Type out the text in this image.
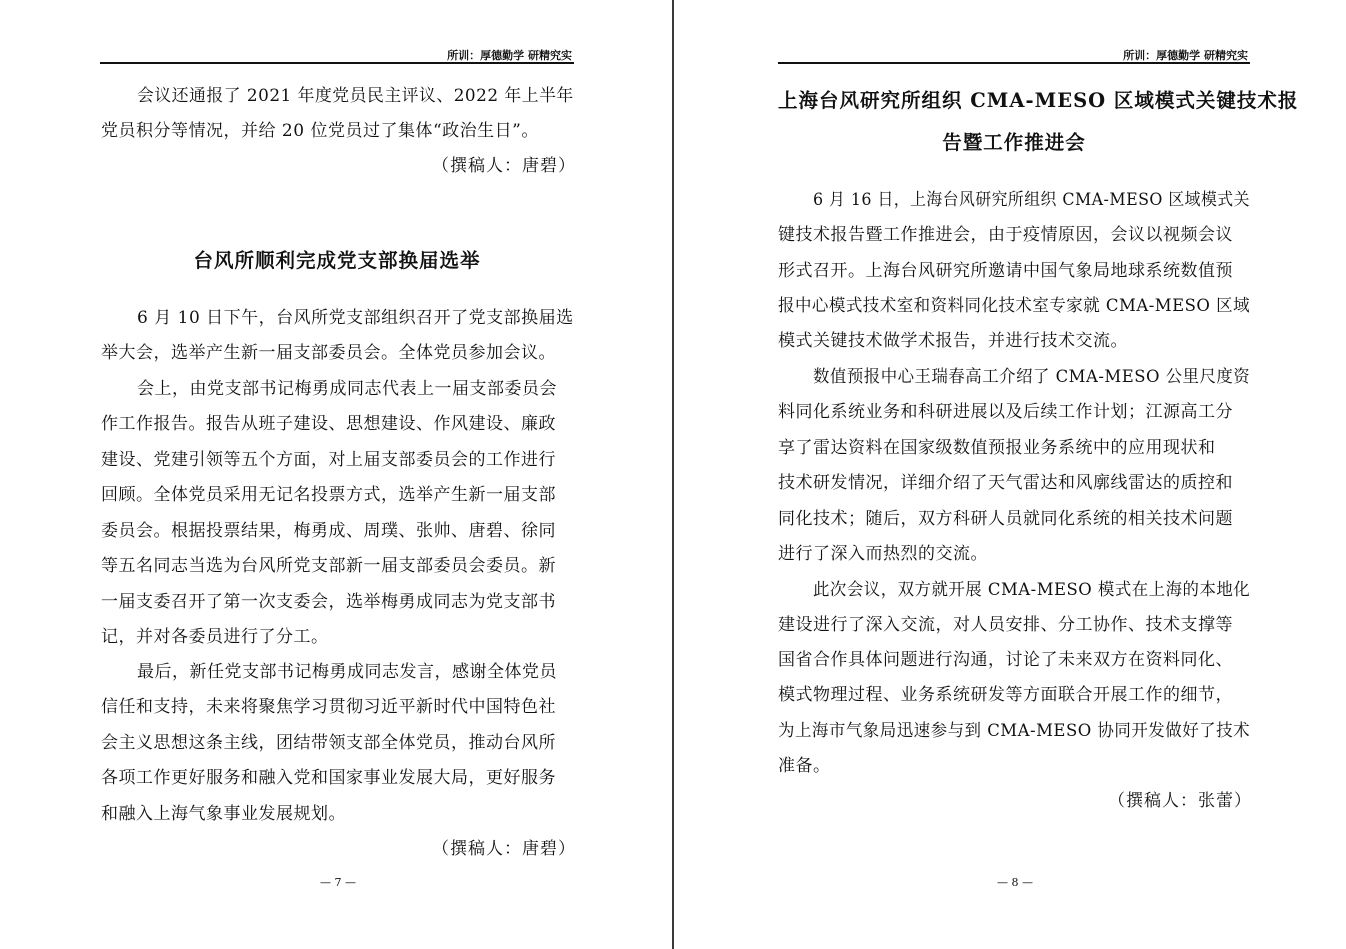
所训：厚德勤学 研精究实
会议还通报了 2021 年度党员民主评议、2022 年上半年
党员积分等情况，并给 20 位党员过了集体“政治生日”。
（撰稿人：唐碧）
台风所顺利完成党支部换届选举
6 月 10 日下午，台风所党支部组织召开了党支部换届选
举大会，选举产生新一届支部委员会。全体党员参加会议。
会上，由党支部书记梅勇成同志代表上一届支部委员会
作工作报告。报告从班子建设、思想建设、作风建设、廉政
建设、党建引领等五个方面，对上届支部委员会的工作进行
回顾。全体党员采用无记名投票方式，选举产生新一届支部
委员会。根据投票结果，梅勇成、周璞、张帅、唐碧、徐同
等五名同志当选为台风所党支部新一届支部委员会委员。新
一届支委召开了第一次支委会，选举梅勇成同志为党支部书
记，并对各委员进行了分工。
最后，新任党支部书记梅勇成同志发言，感谢全体党员
信任和支持，未来将聚焦学习贯彻习近平新时代中国特色社
会主义思想这条主线，团结带领支部全体党员，推动台风所
各项工作更好服务和融入党和国家事业发展大局，更好服务
和融入上海气象事业发展规划。
（撰稿人：唐碧）
— 7 —
所训：厚德勤学 研精究实
上海台风研究所组织 CMA-MESO 区域模式关键技术报
告暨工作推进会
6 月 16 日，上海台风研究所组织 CMA-MESO 区域模式关
键技术报告暨工作推进会，由于疫情原因，会议以视频会议
形式召开。上海台风研究所邀请中国气象局地球系统数值预
报中心模式技术室和资料同化技术室专家就 CMA-MESO 区域
模式关键技术做学术报告，并进行技术交流。
数值预报中心王瑞春高工介绍了 CMA-MESO 公里尺度资
料同化系统业务和科研进展以及后续工作计划；江源高工分
享了雷达资料在国家级数值预报业务系统中的应用现状和
技术研发情况，详细介绍了天气雷达和风廓线雷达的质控和
同化技术；随后，双方科研人员就同化系统的相关技术问题
进行了深入而热烈的交流。
此次会议，双方就开展 CMA-MESO 模式在上海的本地化
建设进行了深入交流，对人员安排、分工协作、技术支撑等
国省合作具体问题进行沟通，讨论了未来双方在资料同化、
模式物理过程、业务系统研发等方面联合开展工作的细节，
为上海市气象局迅速参与到 CMA-MESO 协同开发做好了技术
准备。
（撰稿人：张蕾）
— 8 —
